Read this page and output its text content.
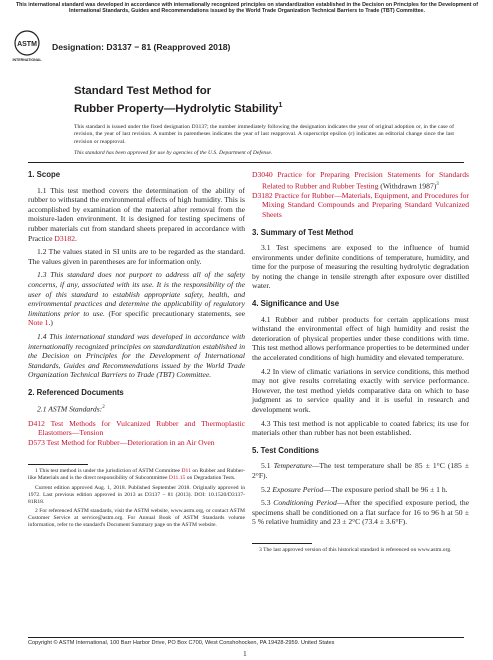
This international standard was developed in accordance with internationally recognized principles on standardization established in the Decision on Principles for the Development of International Standards, Guides and Recommendations issued by the World Trade Organization Technical Barriers to Trade (TBT) Committee.
ASTM
INTERNATIONAL
Designation: D3137 − 81 (Reapproved 2018)
Standard Test Method for
Rubber Property—Hydrolytic Stability$^1$
This standard is issued under the fixed designation D3137; the number immediately following the designation indicates the year of original adoption or, in the case of revision, the year of last revision. A number in parentheses indicates the year of last reapproval. A superscript epsilon (ε) indicates an editorial change since the last revision or reapproval.
This standard has been approved for use by agencies of the U.S. Department of Defense.
1. Scope

1.1 This test method covers the determination of the ability of rubber to withstand the environmental effects of high humidity. This is accomplished by examination of the material after removal from the moisture-laden environment. It is designed for testing specimens of rubber materials cut from standard sheets prepared in accordance with Practice D3182.

1.2 The values stated in SI units are to be regarded as the standard. The values given in parentheses are for information only.

1.3 This standard does not purport to address all of the safety concerns, if any, associated with its use. It is the responsibility of the user of this standard to establish appropriate safety, health, and environmental practices and determine the applicability of regulatory limitations prior to use. (For specific precautionary statements, see Note 1.)

1.4 This international standard was developed in accordance with internationally recognized principles on standardization established in the Decision on Principles for the Development of International Standards, Guides and Recommendations issued by the World Trade Organization Technical Barriers to Trade (TBT) Committee.

2. Referenced Documents

2.1 ASTM Standards:$^2$

D412 Test Methods for Vulcanized Rubber and Thermoplastic Elastomers—Tension

D573 Test Method for Rubber—Deterioration in an Air Oven

1 This test method is under the jurisdiction of ASTM Committee D11 on Rubber and Rubber-like Materials and is the direct responsibility of Subcommittee D11.15 on Degradation Tests.

Current edition approved Aug. 1, 2018. Published September 2018. Originally approved in 1972. Last previous edition approved in 2013 as D3137 – 81 (2013). DOI: 10.1520/D3137-81R18.

2 For referenced ASTM standards, visit the ASTM website, www.astm.org, or contact ASTM Customer Service at service@astm.org. For Annual Book of ASTM Standards volume information, refer to the standard's Document Summary page on the ASTM website.

D3040 Practice for Preparing Precision Statements for Standards Related to Rubber and Rubber Testing (Withdrawn 1987)$^3$

D3182 Practice for Rubber—Materials, Equipment, and Procedures for Mixing Standard Compounds and Preparing Standard Vulcanized Sheets

3. Summary of Test Method

3.1 Test specimens are exposed to the influence of humid environments under definite conditions of temperature, humidity, and time for the purpose of measuring the resulting hydrolytic degradation by noting the change in tensile strength after exposure over distilled water.

4. Significance and Use

4.1 Rubber and rubber products for certain applications must withstand the environmental effect of high humidity and resist the deterioration of physical properties under these conditions with time. This test method allows performance properties to be determined under the accelerated conditions of high humidity and elevated temperature.

4.2 In view of climatic variations in service conditions, this method may not give results correlating exactly with service performance. However, the test method yields comparative data on which to base judgment as to service quality and it is useful in research and development work.

4.3 This test method is not applicable to coated fabrics; its use for materials other than rubber has not been established.

5. Test Conditions

5.1 Temperature—The test temperature shall be 85 ± 1°C (185 ± 2°F).

5.2 Exposure Period—The exposure period shall be 96 ± 1 h.

5.3 Conditioning Period—After the specified exposure period, the specimens shall be conditioned on a flat surface for 16 to 96 h at 50 ± 5 % relative humidity and 23 ± 2°C (73.4 ± 3.6°F).

3 The last approved version of this historical standard is referenced on www.astm.org.

Copyright © ASTM International, 100 Barr Harbor Drive, PO Box C700, West Conshohocken, PA 19428-2959. United States
1
